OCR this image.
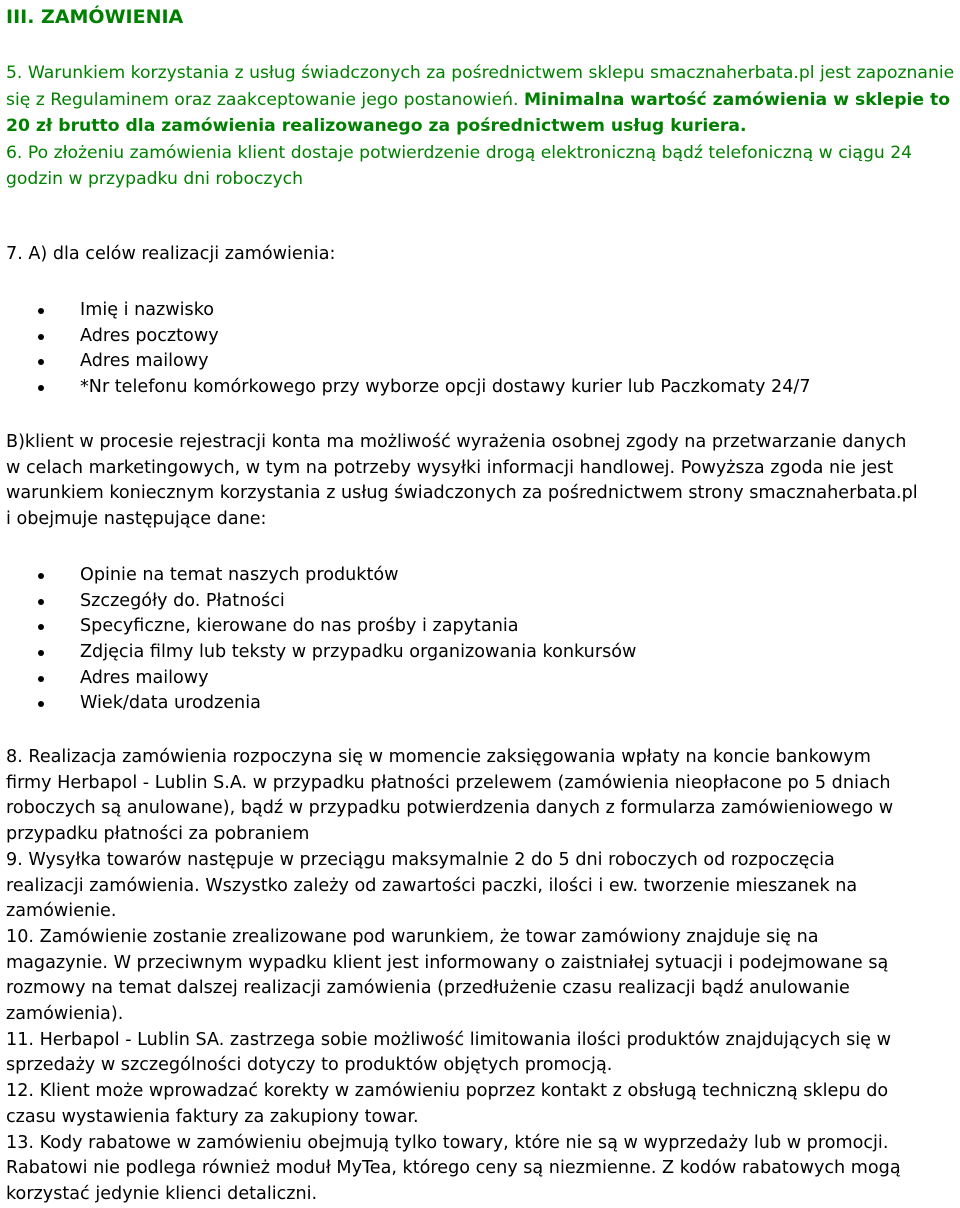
III. ZAMÓWIENIA

5. Warunkiem korzystania z usług świadczonych za pośrednictwem sklepu smacznaherbata.pl jest zapoznanie się z Regulaminem oraz zaakceptowanie jego postanowień. Minimalna wartość zamówienia w sklepie to 20 zł brutto dla zamówienia realizowanego za pośrednictwem usług kuriera.

6. Po złożeniu zamówienia klient dostaje potwierdzenie drogą elektroniczną bądź telefoniczną w ciągu 24 godzin w przypadku dni roboczych

7. A) dla celów realizacji zamówienia:
Imię i nazwisko
Adres pocztowy
Adres mailowy
*Nr telefonu komórkowego przy wyborze opcji dostawy kurier lub Paczkomaty 24/7
B)klient w procesie rejestracji konta ma możliwość wyrażenia osobnej zgody na przetwarzanie danych
w celach marketingowych, w tym na potrzeby wysyłki informacji handlowej. Powyższa zgoda nie jest
warunkiem koniecznym korzystania z usług świadczonych za pośrednictwem strony smacznaherbata.pl
i obejmuje następujące dane:
Opinie na temat naszych produktów
Szczegóły do. Płatności
Specyficzne, kierowane do nas prośby i zapytania
Zdjęcia filmy lub teksty w przypadku organizowania konkursów
Adres mailowy
Wiek/data urodzenia
8. Realizacja zamówienia rozpoczyna się w momencie zaksięgowania wpłaty na koncie bankowym
firmy Herbapol - Lublin S.A. w przypadku płatności przelewem (zamówienia nieopłacone po 5 dniach
roboczych są anulowane), bądź w przypadku potwierdzenia danych z formularza zamówieniowego w
przypadku płatności za pobraniem
9. Wysyłka towarów następuje w przeciągu maksymalnie 2 do 5 dni roboczych od rozpoczęcia
realizacji zamówienia. Wszystko zależy od zawartości paczki, ilości i ew. tworzenie mieszanek na
zamówienie.
10. Zamówienie zostanie zrealizowane pod warunkiem, że towar zamówiony znajduje się na
magazynie. W przeciwnym wypadku klient jest informowany o zaistniałej sytuacji i podejmowane są
rozmowy na temat dalszej realizacji zamówienia (przedłużenie czasu realizacji bądź anulowanie
zamówienia).
11. Herbapol - Lublin SA. zastrzega sobie możliwość limitowania ilości produktów znajdujących się w
sprzedaży w szczególności dotyczy to produktów objętych promocją.
12. Klient może wprowadzać korekty w zamówieniu poprzez kontakt z obsługą techniczną sklepu do
czasu wystawienia faktury za zakupiony towar.
13. Kody rabatowe w zamówieniu obejmują tylko towary, które nie są w wyprzedaży lub w promocji.
Rabatowi nie podlega również moduł MyTea, którego ceny są niezmienne. Z kodów rabatowych mogą
korzystać jedynie klienci detaliczni.
